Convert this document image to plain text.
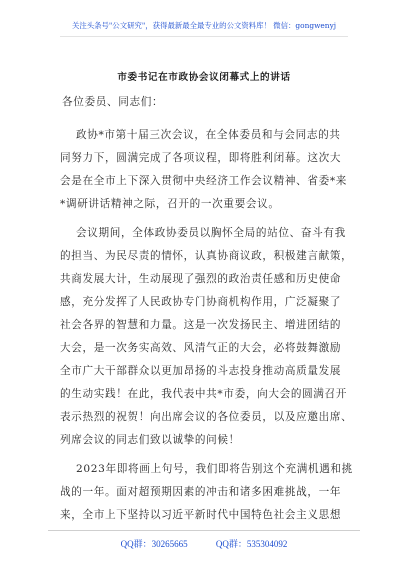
关注头条号"公文研究"，获得最新最全最专业的公文资料库！ 微信：gongwenyj
市委书记在市政协会议闭幕式上的讲话
各位委员、同志们：
政协*市第十届三次会议，在全体委员和与会同志的共
同努力下，圆满完成了各项议程，即将胜利闭幕。这次大
会是在全市上下深入贯彻中央经济工作会议精神、省委*来
*调研讲话精神之际，召开的一次重要会议。
会议期间，全体政协委员以胸怀全局的站位、奋斗有我
的担当、为民尽责的情怀，认真协商议政，积极建言献策，
共商发展大计，生动展现了强烈的政治责任感和历史使命
感，充分发挥了人民政协专门协商机构作用，广泛凝聚了
社会各界的智慧和力量。这是一次发扬民主、增进团结的
大会，是一次务实高效、风清气正的大会，必将鼓舞激励
全市广大干部群众以更加昂扬的斗志投身推动高质量发展
的生动实践！在此，我代表中共*市委，向大会的圆满召开
表示热烈的祝贺！向出席会议的各位委员，以及应邀出席、
列席会议的同志们致以诚挚的问候！
2023年即将画上句号，我们即将告别这个充满机遇和挑
战的一年。面对超预期因素的冲击和诸多困难挑战，一年
来，全市上下坚持以习近平新时代中国特色社会主义思想
QQ群：30265665	QQ群：535304092
